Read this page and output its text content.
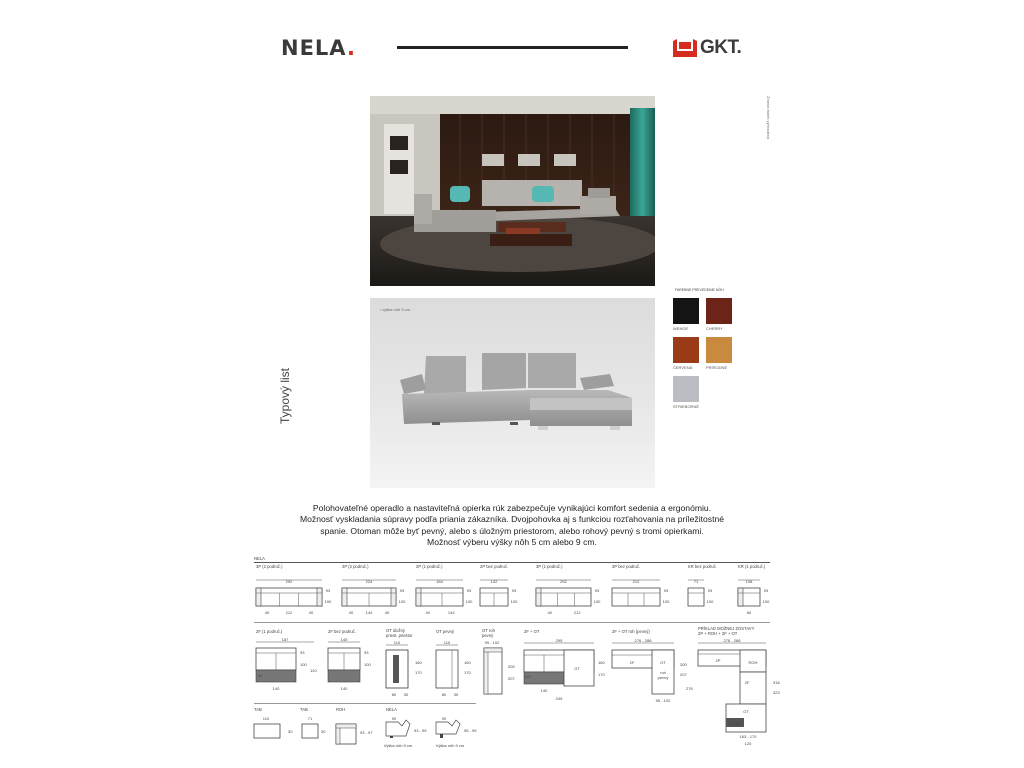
NELA.	GKT.
Zmena farieb vyhradená
Typový list
/ výška nôh 5 cm
FAREBNÉ PREVEDENIE NÔH
WENGE	CHERRY
ČERVENÁ	PRÍRODNÉ
STRIEBORNÉ

Polohovateľné operadlo a nastaviteľná opierka rúk zabezpečuje vynikajúci komfort sedenia a ergonómiu.

Možnosť vyskladania súpravy podľa priania zákazníka. Dvojpohovka aj s funkciou rozťahovania na príležitostné

spanie. Otoman môže byť pevný, alebo s úložným priestorom, alebo rohový pevný s tromi opierkami.

Možnosť výberu výšky nôh 5 cm alebo 9 cm.

NELA
3P (2 područ.)
292
93
100
40	212	40
2P (2 područ.)
224
93
100
40	144	40
2P (1 područ.)
184
93
100
40	144
2P bez područ.
142
93
100
3P (1 područ.)
252
93
100
40	212
3P bez područ.
212
93
100
KR bez područ.
71
93
100
KR (1 područ.)
108
93
100
60
2F (1 područ.)
187
93
100
120
40
140
2F bez područ.
145
93
100
140
OT úložný
priest. priestor
110
160
170
80 30
OT pevný
110
160
170
80 30
OT roh
pevný
95 - 102
200
207
2F + OT
295
OT
160
170
127
140
249
2F + OT roh (pevný)
276 - 288
2F	OT
roh
pevný
200
207
276
95 - 102
PRÍKLAD MOŽNEJ ZOSTAVY
2P + ROH + 2F + OT
276 - 288
2P	ROH
2F
OT
DOSKA
316
323
163 - 170
120
TAB
110
30
TAB
71
30
ROH
93 - 97
NELA
90
93 - 95
Výška nôh 5 cm
90
95 - 99
Výška nôh 9 cm
